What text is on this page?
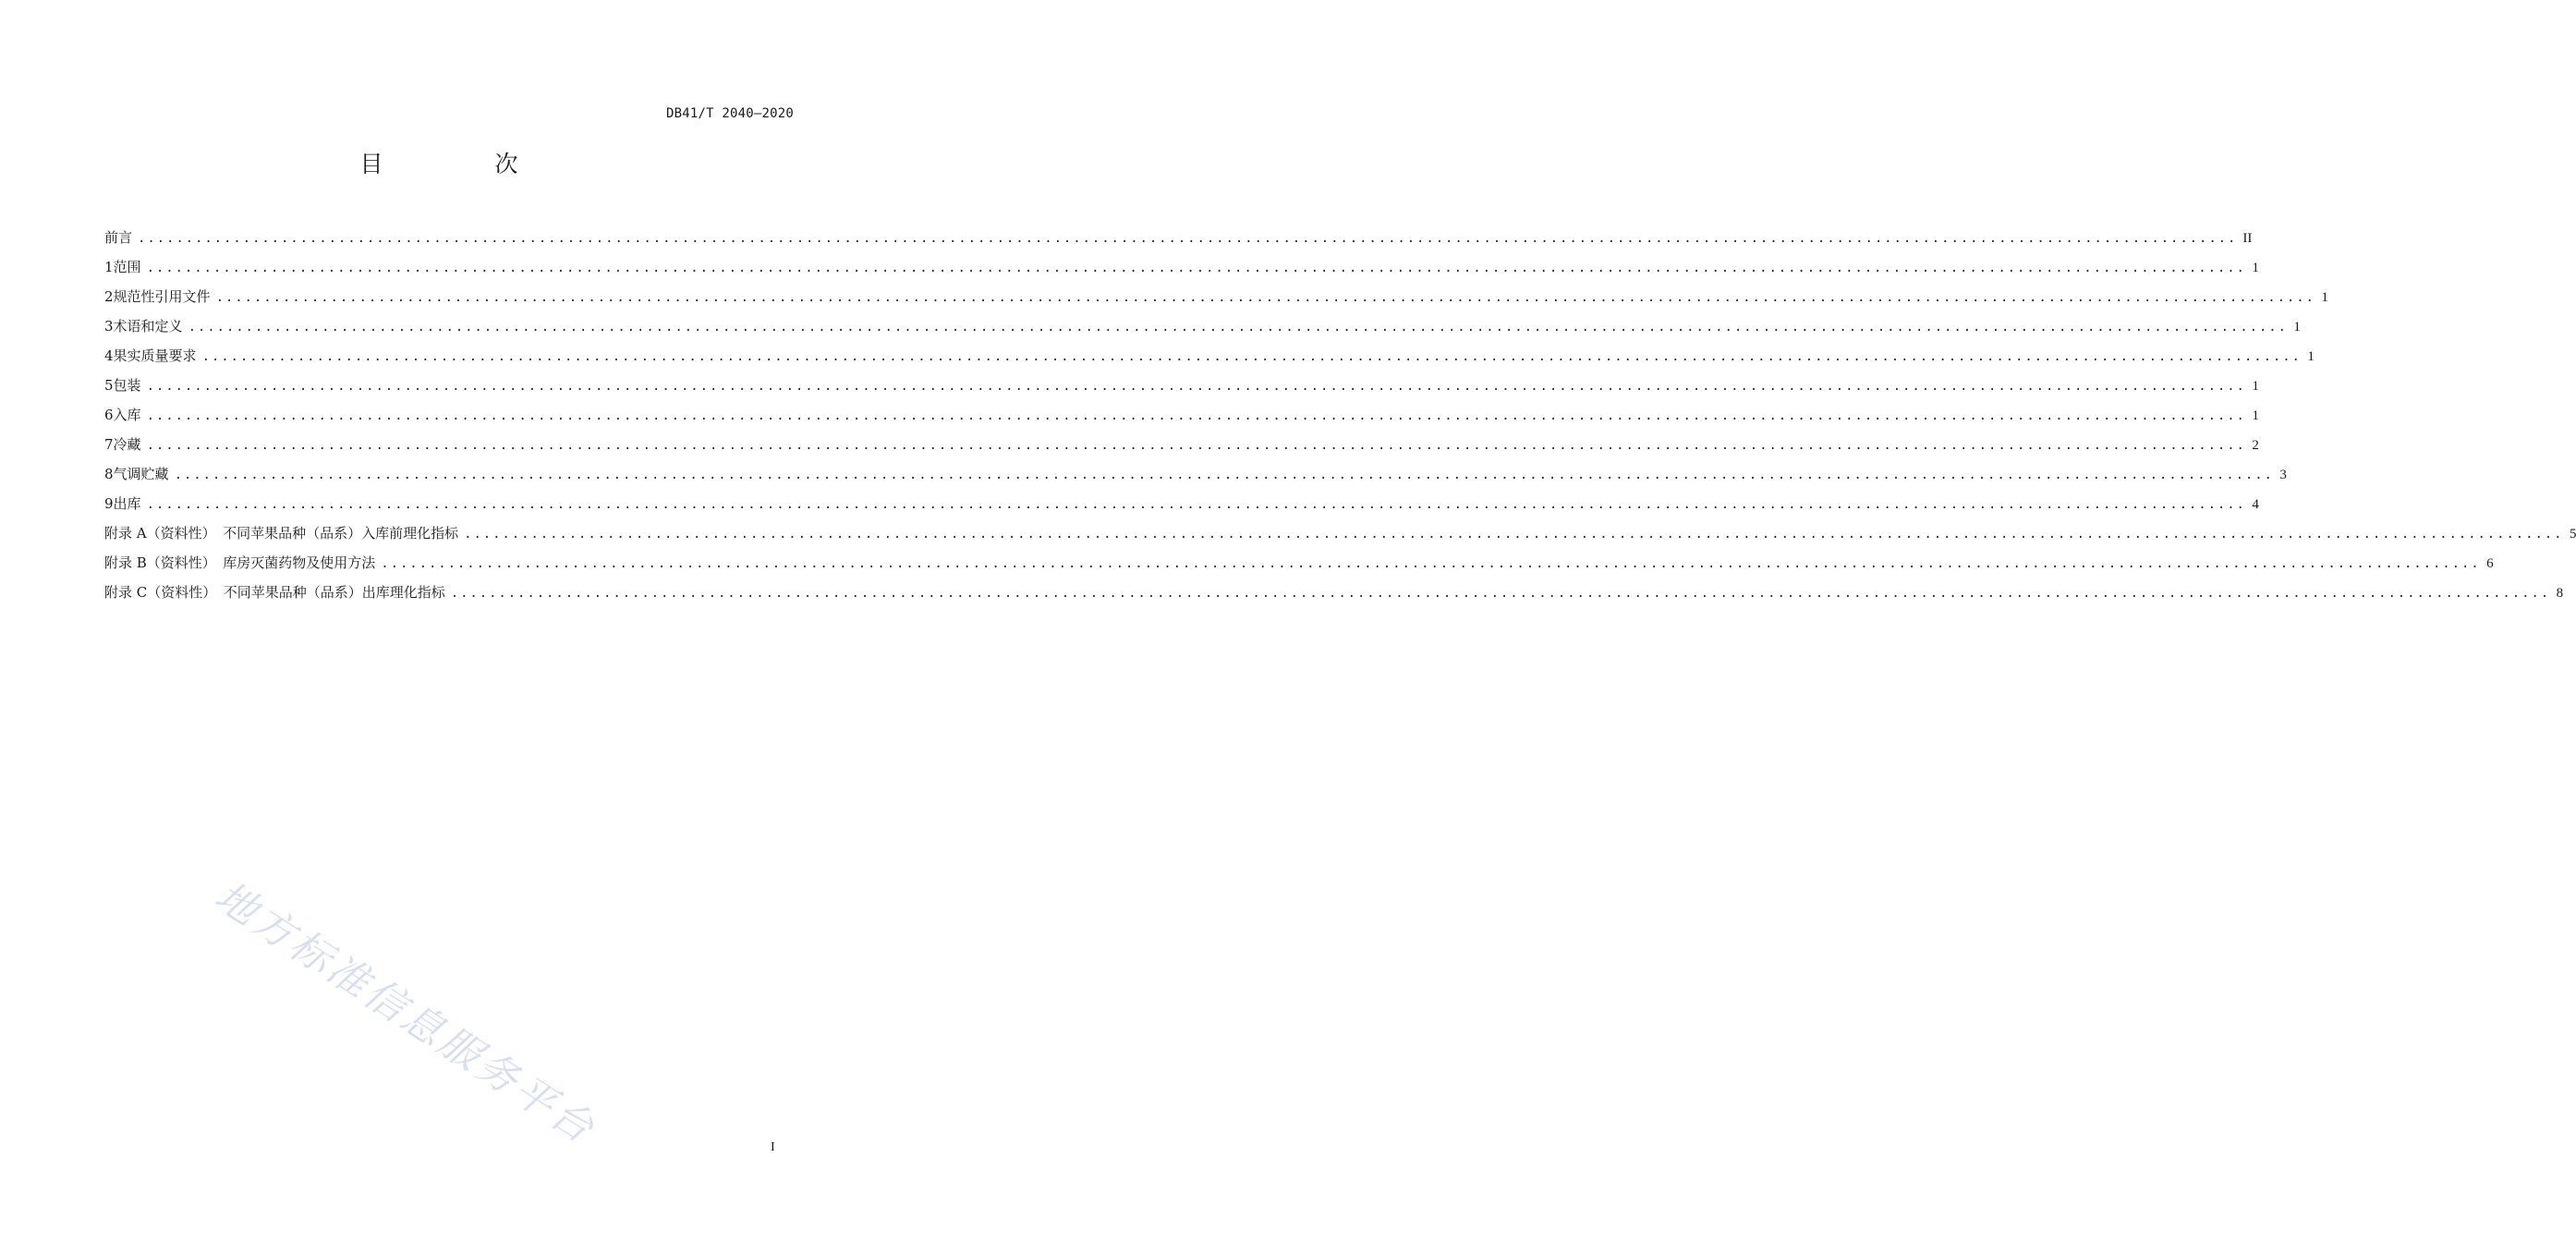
DB41/T 2040—2020
目　次
前言 ............................................................................................................................................................................................................................ II
1 范围 ............................................................................................................................................................................................................................ 1
2 规范性引用文件 ............................................................................................................................................................................................................................ 1
3 术语和定义 ............................................................................................................................................................................................................................ 1
4 果实质量要求 ............................................................................................................................................................................................................................ 1
5 包装 ............................................................................................................................................................................................................................ 1
6 入库 ............................................................................................................................................................................................................................ 1
7 冷藏 ............................................................................................................................................................................................................................ 2
8 气调贮藏 ............................................................................................................................................................................................................................ 3
9 出库 ............................................................................................................................................................................................................................ 4
附录 A（资料性）　不同苹果品种（品系）入库前理化指标 ............................................................................................................................................................................................................................ 5
附录 B（资料性）　库房灭菌药物及使用方法 ............................................................................................................................................................................................................................ 6
附录 C（资料性）　不同苹果品种（品系）出库理化指标 ............................................................................................................................................................................................................................ 8
地方标准信息服务平台	I
